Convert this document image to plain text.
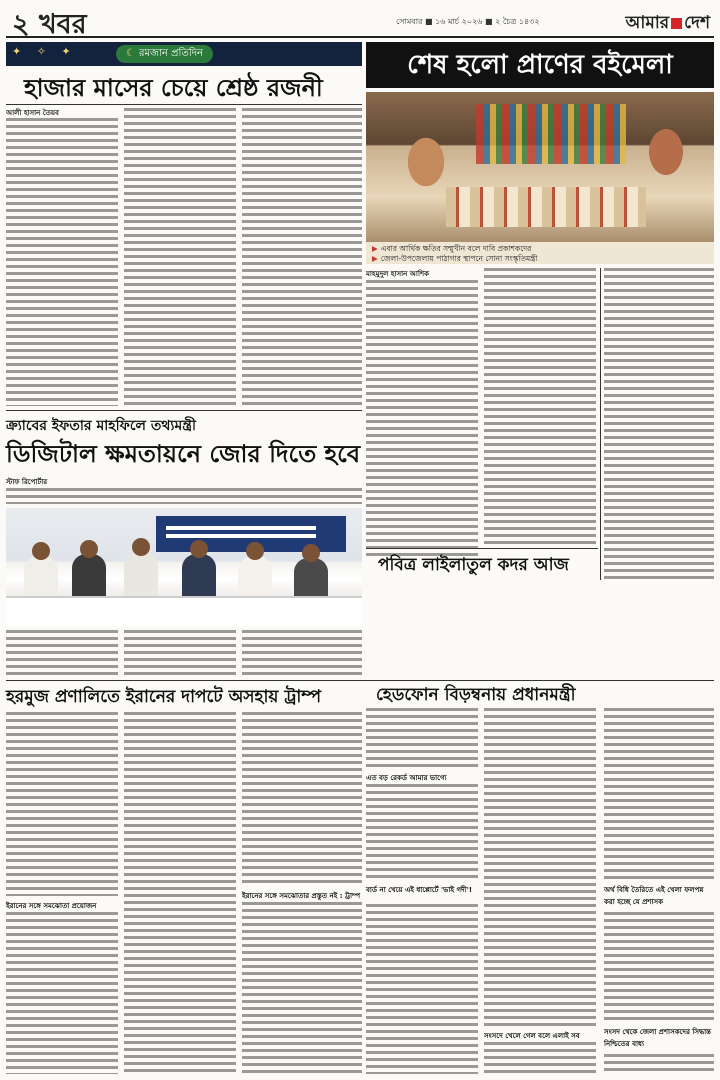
২ খবর	সোমবার ■ ১৬ মার্চ ২০২৬ ■ ২ চৈত্র ১৪৩২	আমার দেশ
✦ ✧ ✦	☾ রমজান প্রতিদিন
হাজার মাসের চেয়ে শ্রেষ্ঠ রজনী
আলী হাসান তৈয়ব
ক্র্যাবের ইফতার মাহফিলে তথ্যমন্ত্রী
ডিজিটাল ক্ষমতায়নে জোর দিতে হবে
স্টাফ রিপোর্টার
হরমুজ প্রণালিতে ইরানের দাপটে অসহায় ট্রাম্প
ইরানের সঙ্গে সমঝোতা প্রয়োজন
ইরানের সঙ্গে সমঝোতার প্রস্তুত নই : ট্রাম্প
শেষ হলো প্রাণের বইমেলা
▶ এবার আর্থিক ক্ষতির সম্মুখীন বলে দাবি প্রকাশকদের
▶ জেলা-উপজেলায় পাঠাগার স্থাপনে সোনা সংস্কৃতিমন্ত্রী
মাহমুদুল হাসান আশিক
পবিত্র লাইলাতুল কদর আজ
হেডফোন বিড়ম্বনায় প্রধানমন্ত্রী
এত বড় রেকর্ড আমার ভাগ্যে
বার্ড না খেয়ে এই ধাপ্পোর্টে 'ভাই গদী'!
সংসদে খেলে গেল বলে এলাই সব
অর্থ বিধি তৈরিতে এই খেলা ফলপন্ন করা হচ্ছে যে প্রশাসক
সংসদ থেকে জেলা প্রশাসকদের সিদ্ধান্ত নিশ্চিতের বাধ্য
